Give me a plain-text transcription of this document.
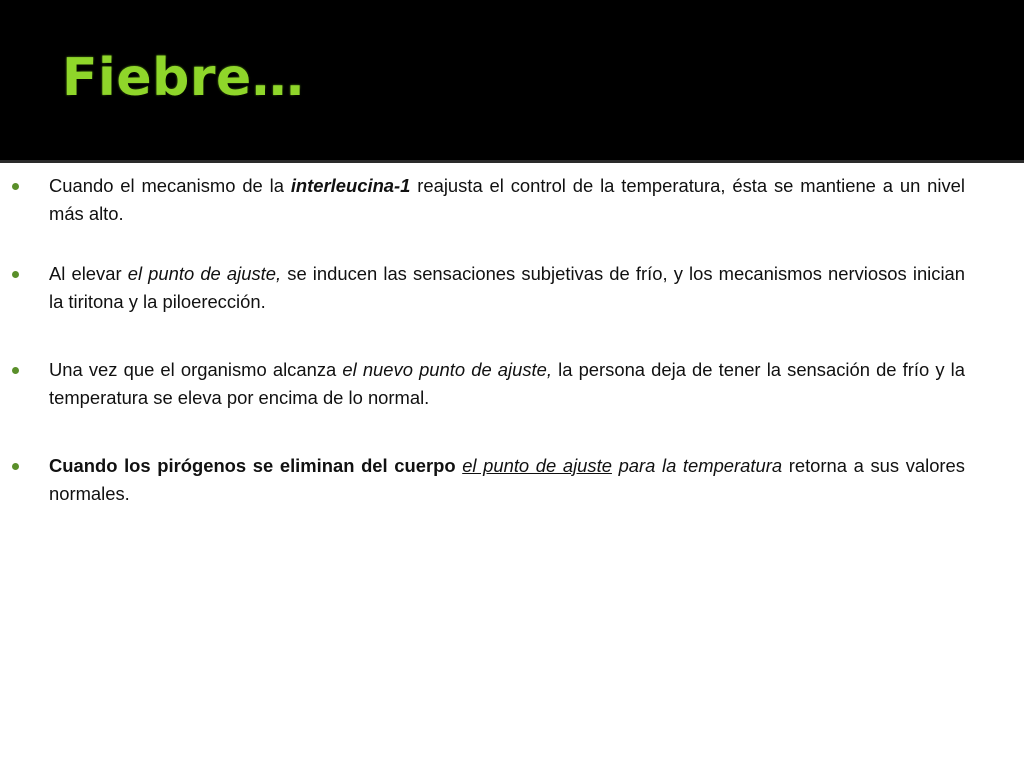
Fiebre…

Cuando el mecanismo de la interleucina-1 reajusta el control de la temperatura, ésta se mantiene a un nivel más alto.

Al elevar el punto de ajuste, se inducen las sensaciones subjetivas de frío, y los mecanismos nerviosos inician la tiritona y la piloerección.

Una vez que el organismo alcanza el nuevo punto de ajuste, la persona deja de tener la sensación de frío y la temperatura se eleva por encima de lo normal.

Cuando los pirógenos se eliminan del cuerpo el punto de ajuste para la temperatura retorna a sus valores normales.
